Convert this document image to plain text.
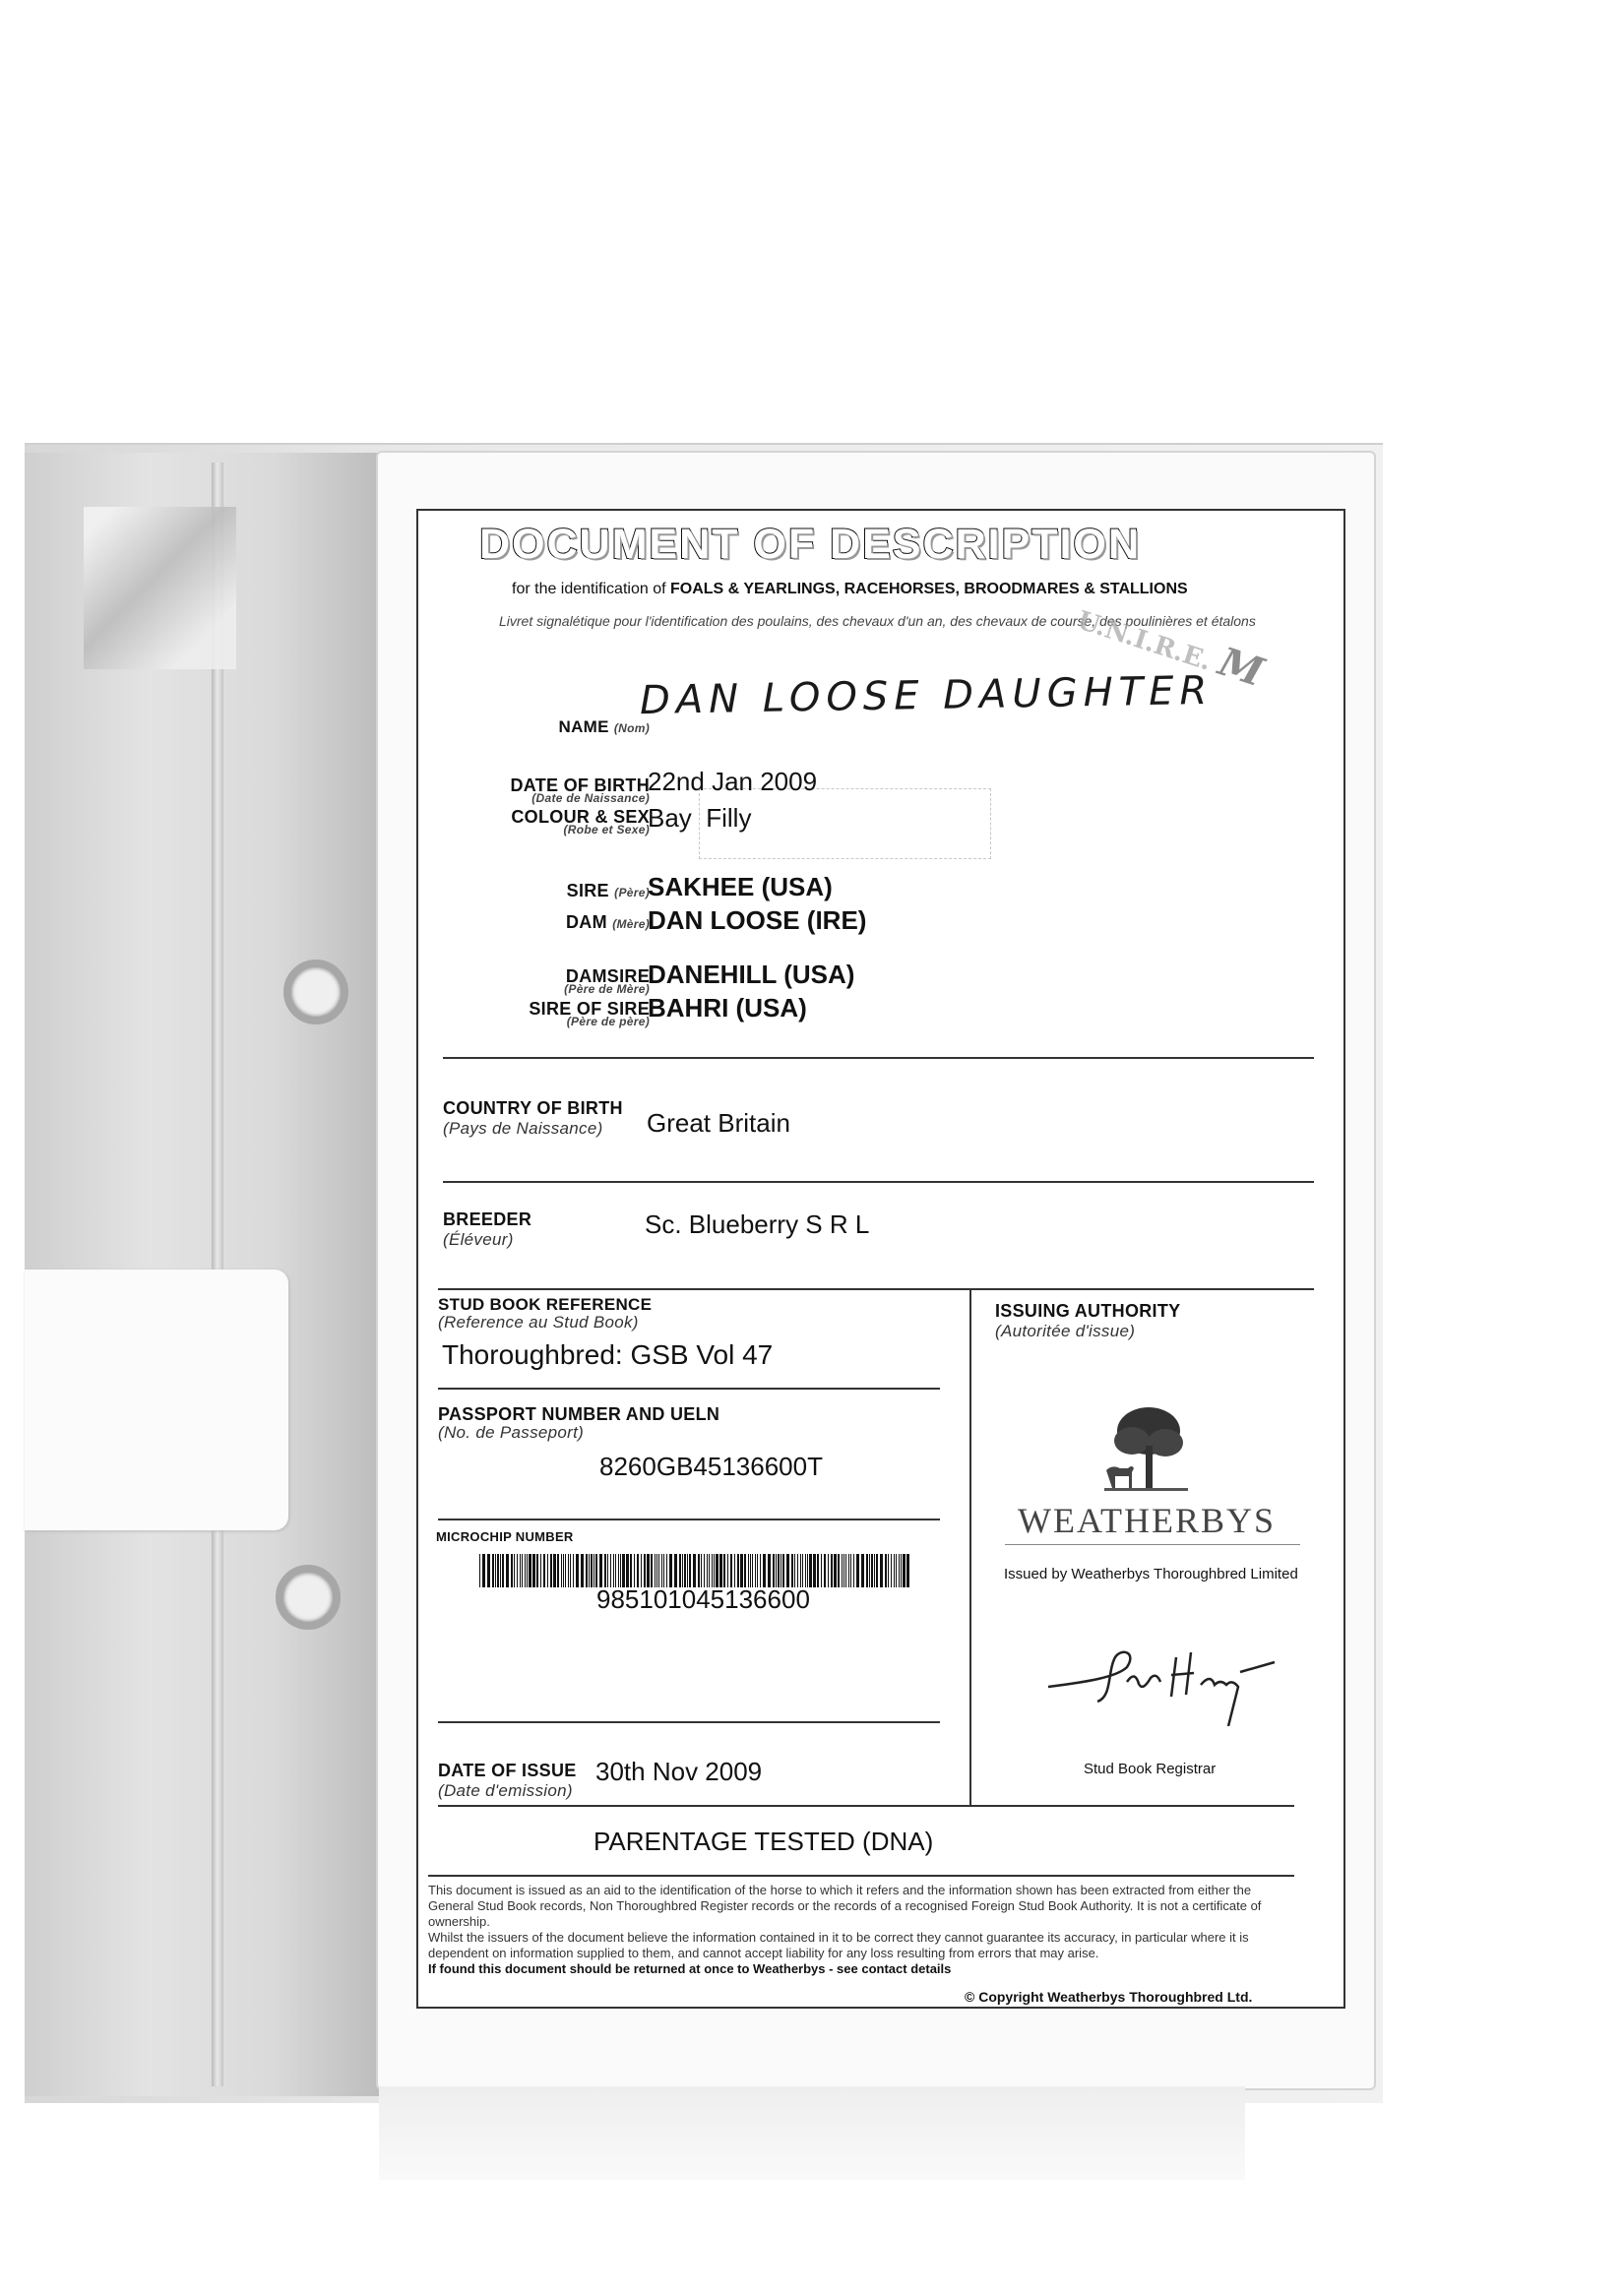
DOCUMENT OF DESCRIPTION
for the identification of FOALS & YEARLINGS, RACEHORSES, BROODMARES & STALLIONS
Livret signalétique pour l'identification des poulains, des chevaux d'un an, des chevaux de course, des poulinières et étalons
U.N.I.R.E. M
NAME (Nom)
DAN LOOSE DAUGHTER
DATE OF BIRTH
(Date de Naissance)
22nd Jan 2009
COLOUR & SEX
(Robe et Sexe)
Bay  Filly
SIRE (Père)
SAKHEE (USA)
DAM (Mère)
DAN LOOSE (IRE)
DAMSIRE
(Père de Mère)
DANEHILL (USA)
SIRE OF SIRE
(Père de père)
BAHRI (USA)
COUNTRY OF BIRTH
(Pays de Naissance)	Great Britain
BREEDER
(Éléveur)
Sc. Blueberry S R L
STUD BOOK REFERENCE
(Reference au Stud Book)
Thoroughbred: GSB Vol 47
PASSPORT NUMBER AND UELN
(No. de Passeport)
8260GB45136600T
MICROCHIP NUMBER
985101045136600
DATE OF ISSUE
(Date d'emission)
30th Nov 2009
ISSUING AUTHORITY
(Autoritée d'issue)
WEATHERBYS
Issued by Weatherbys Thoroughbred Limited
Stud Book Registrar
PARENTAGE TESTED (DNA)
This document is issued as an aid to the identification of the horse to which it refers and the information shown has been extracted from either the General Stud Book records, Non Thoroughbred Register records or the records of a recognised Foreign Stud Book Authority. It is not a certificate of ownership.
Whilst the issuers of the document believe the information contained in it to be correct they cannot guarantee its accuracy, in particular where it is dependent on information supplied to them, and cannot accept liability for any loss resulting from errors that may arise.
If found this document should be returned at once to Weatherbys - see contact details
© Copyright Weatherbys Thoroughbred Ltd.
